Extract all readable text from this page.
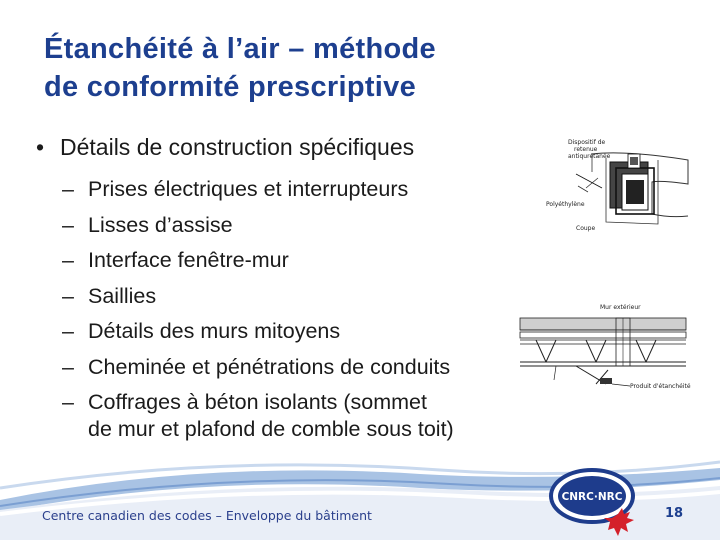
Étanchéité à l’air – méthode
de conformité prescriptive
• Détails de construction spécifiques
– Prises électriques et interrupteurs
– Lisses d’assise
– Interface fenêtre-mur
– Saillies
– Détails des murs mitoyens
– Cheminée et pénétrations de conduits
– Coffrages à béton isolants (sommet
de mur et plafond de comble sous toit)
Dispositif de
retenue
antiqurétanée
Polyéthylène
Coupe
Mur extérieur
Produit d'étanchéité
CNRC·NRC
Centre canadien des codes – Enveloppe du bâtiment	18
